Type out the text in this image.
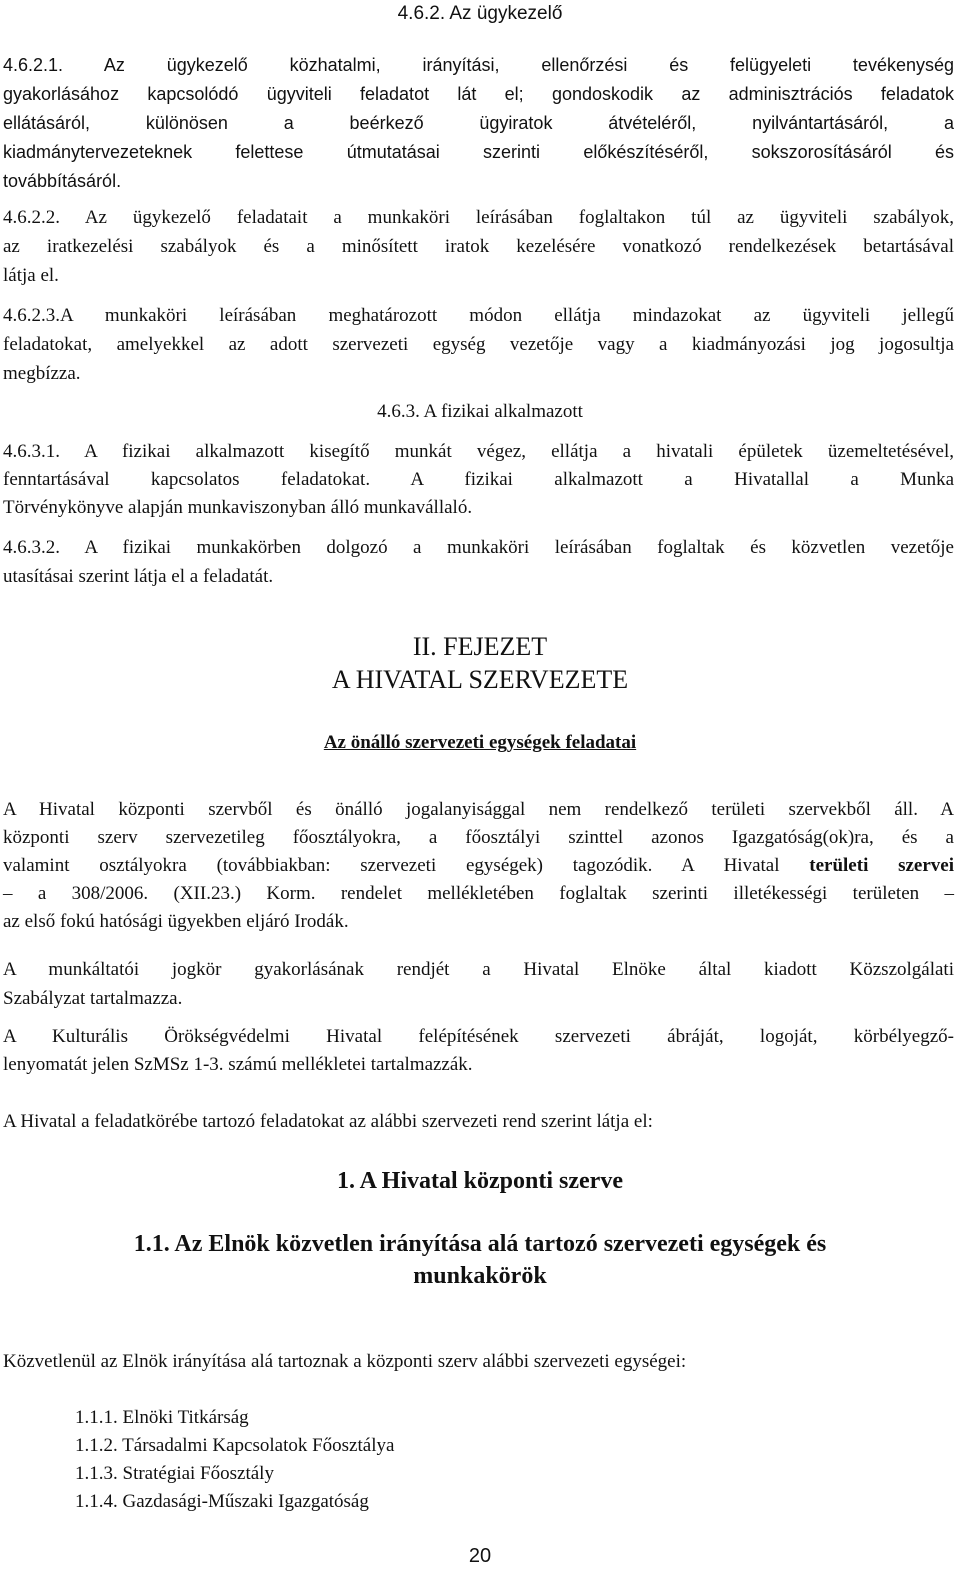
4.6.2. Az ügykezelő
4.6.2.1. Az ügykezelő közhatalmi, irányítási, ellenőrzési és felügyeleti tevékenység
gyakorlásához kapcsolódó ügyviteli feladatot lát el; gondoskodik az adminisztrációs feladatok
ellátásáról, különösen a beérkező ügyiratok átvételéről, nyilvántartásáról, a
kiadmánytervezeteknek felettese útmutatásai szerinti előkészítéséről, sokszorosításáról és
továbbításáról.
4.6.2.2. Az ügykezelő feladatait a munkaköri leírásában foglaltakon túl az ügyviteli szabályok,
az iratkezelési szabályok és a minősített iratok kezelésére vonatkozó rendelkezések betartásával
látja el.
4.6.2.3.A munkaköri leírásában meghatározott módon ellátja mindazokat az ügyviteli jellegű
feladatokat, amelyekkel az adott szervezeti egység vezetője vagy a kiadmányozási jog jogosultja
megbízza.
4.6.3. A fizikai alkalmazott
4.6.3.1. A fizikai alkalmazott kisegítő munkát végez, ellátja a hivatali épületek üzemeltetésével,
fenntartásával kapcsolatos feladatokat. A fizikai alkalmazott a Hivatallal a Munka
Törvénykönyve alapján munkaviszonyban álló munkavállaló.
4.6.3.2. A fizikai munkakörben dolgozó a munkaköri leírásában foglaltak és közvetlen vezetője
utasításai szerint látja el a feladatát.
II. FEJEZET
A HIVATAL SZERVEZETE
Az önálló szervezeti egységek feladatai
A Hivatal központi szervből és önálló jogalanyisággal nem rendelkező területi szervekből áll. A
központi szerv szervezetileg főosztályokra, a főosztályi szinttel azonos Igazgatóság(ok)ra, és a
valamint osztályokra (továbbiakban: szervezeti egységek) tagozódik. A Hivatal területi szervei
– a 308/2006. (XII.23.) Korm. rendelet mellékletében foglaltak szerinti illetékességi területen –
az első fokú hatósági ügyekben eljáró Irodák.
A munkáltatói jogkör gyakorlásának rendjét a Hivatal Elnöke által kiadott Közszolgálati
Szabályzat tartalmazza.
A Kulturális Örökségvédelmi Hivatal felépítésének szervezeti ábráját, logoját, körbélyegző-
lenyomatát jelen SzMSz 1-3. számú mellékletei tartalmazzák.
A Hivatal a feladatkörébe tartozó feladatokat az alábbi szervezeti rend szerint látja el:
1. A Hivatal központi szerve
1.1. Az Elnök közvetlen irányítása alá tartozó szervezeti egységek és
munkakörök
Közvetlenül az Elnök irányítása alá tartoznak a központi szerv alábbi szervezeti egységei:
1.1.1. Elnöki Titkárság
1.1.2. Társadalmi Kapcsolatok Főosztálya
1.1.3. Stratégiai Főosztály
1.1.4. Gazdasági-Műszaki Igazgatóság
20
